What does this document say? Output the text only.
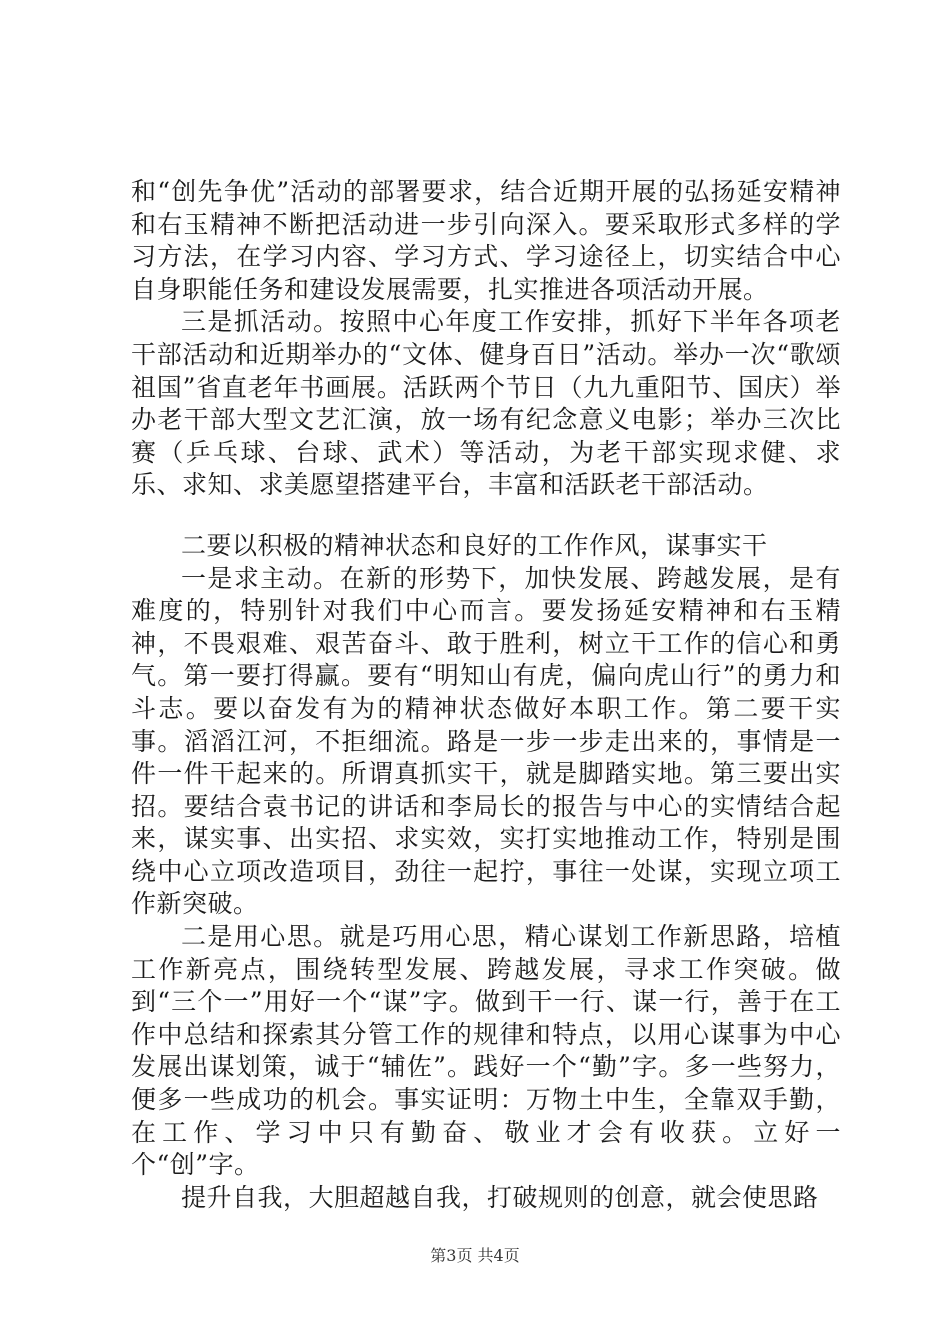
和“创先争优”活动的部署要求，结合近期开展的弘扬延安精神和右玉精神不断把活动进一步引向深入。要采取形式多样的学习方法，在学习内容、学习方式、学习途径上，切实结合中心自身职能任务和建设发展需要，扎实推进各项活动开展。

三是抓活动。按照中心年度工作安排，抓好下半年各项老干部活动和近期举办的“文体、健身百日”活动。举办一次“歌颂祖国”省直老年书画展。活跃两个节日（九九重阳节、国庆）举办老干部大型文艺汇演，放一场有纪念意义电影；举办三次比赛（乒乓球、台球、武术）等活动，为老干部实现求健、求乐、求知、求美愿望搭建平台，丰富和活跃老干部活动。

二要以积极的精神状态和良好的工作作风，谋事实干

一是求主动。在新的形势下，加快发展、跨越发展，是有难度的，特别针对我们中心而言。要发扬延安精神和右玉精神，不畏艰难、艰苦奋斗、敢于胜利，树立干工作的信心和勇气。第一要打得赢。要有“明知山有虎，偏向虎山行”的勇力和斗志。要以奋发有为的精神状态做好本职工作。第二要干实事。滔滔江河，不拒细流。路是一步一步走出来的，事情是一件一件干起来的。所谓真抓实干，就是脚踏实地。第三要出实招。要结合袁书记的讲话和李局长的报告与中心的实情结合起来，谋实事、出实招、求实效，实打实地推动工作，特别是围绕中心立项改造项目，劲往一起拧，事往一处谋，实现立项工作新突破。

二是用心思。就是巧用心思，精心谋划工作新思路，培植工作新亮点，围绕转型发展、跨越发展，寻求工作突破。做到“三个一”用好一个“谋”字。做到干一行、谋一行，善于在工作中总结和探索其分管工作的规律和特点，以用心谋事为中心发展出谋划策，诚于“辅佐”。践好一个“勤”字。多一些努力，便多一些成功的机会。事实证明：万物土中生，全靠双手勤，在工作、学习中只有勤奋、敬业才会有收获。立好一个“创”字。

提升自我，大胆超越自我，打破规则的创意，就会使思路

第3页 共4页
